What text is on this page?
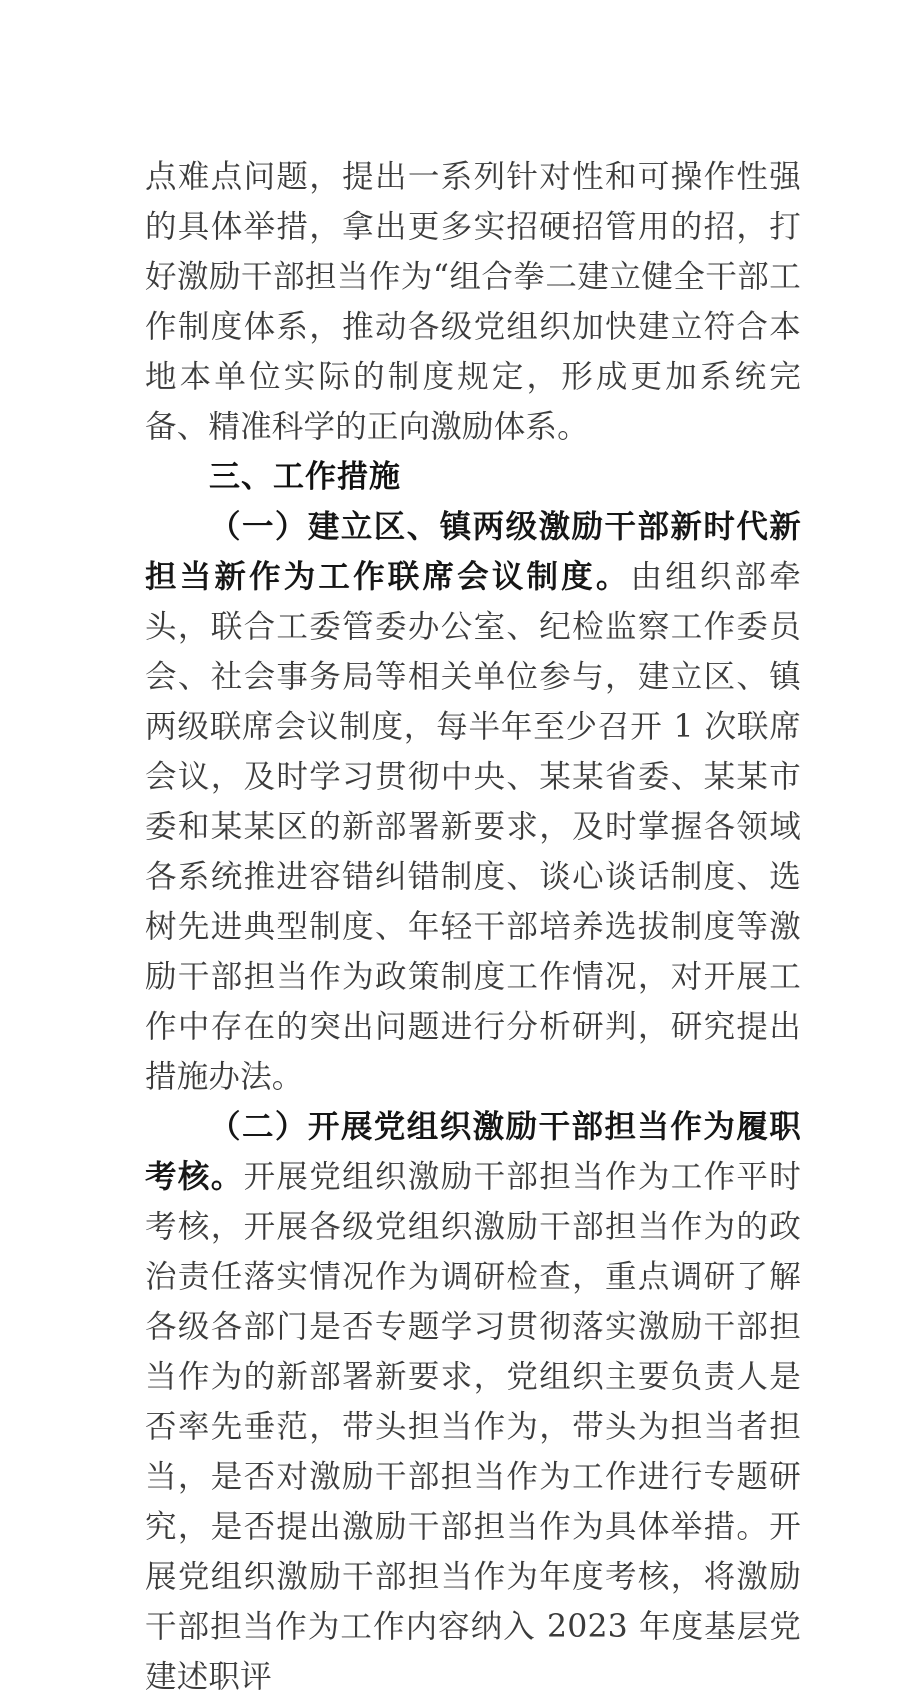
点难点问题，提出一系列针对性和可操作性强的具体举措，拿出更多实招硬招管用的招，打好激励干部担当作为“组合拳二建立健全干部工作制度体系，推动各级党组织加快建立符合本地本单位实际的制度规定，形成更加系统完备、精准科学的正向激励体系。

三、工作措施

（一）建立区、镇两级激励干部新时代新担当新作为工作联席会议制度。由组织部牵头，联合工委管委办公室、纪检监察工作委员会、社会事务局等相关单位参与，建立区、镇两级联席会议制度，每半年至少召开 1 次联席会议，及时学习贯彻中央、某某省委、某某市委和某某区的新部署新要求，及时掌握各领域各系统推进容错纠错制度、谈心谈话制度、选树先进典型制度、年轻干部培养选拔制度等激励干部担当作为政策制度工作情况，对开展工作中存在的突出问题进行分析研判，研究提出措施办法。

（二）开展党组织激励干部担当作为履职考核。开展党组织激励干部担当作为工作平时考核，开展各级党组织激励干部担当作为的政治责任落实情况作为调研检查，重点调研了解各级各部门是否专题学习贯彻落实激励干部担当作为的新部署新要求，党组织主要负责人是否率先垂范，带头担当作为，带头为担当者担当，是否对激励干部担当作为工作进行专题研究，是否提出激励干部担当作为具体举措。开展党组织激励干部担当作为年度考核，将激励干部担当作为工作内容纳入 2023 年度基层党建述职评
